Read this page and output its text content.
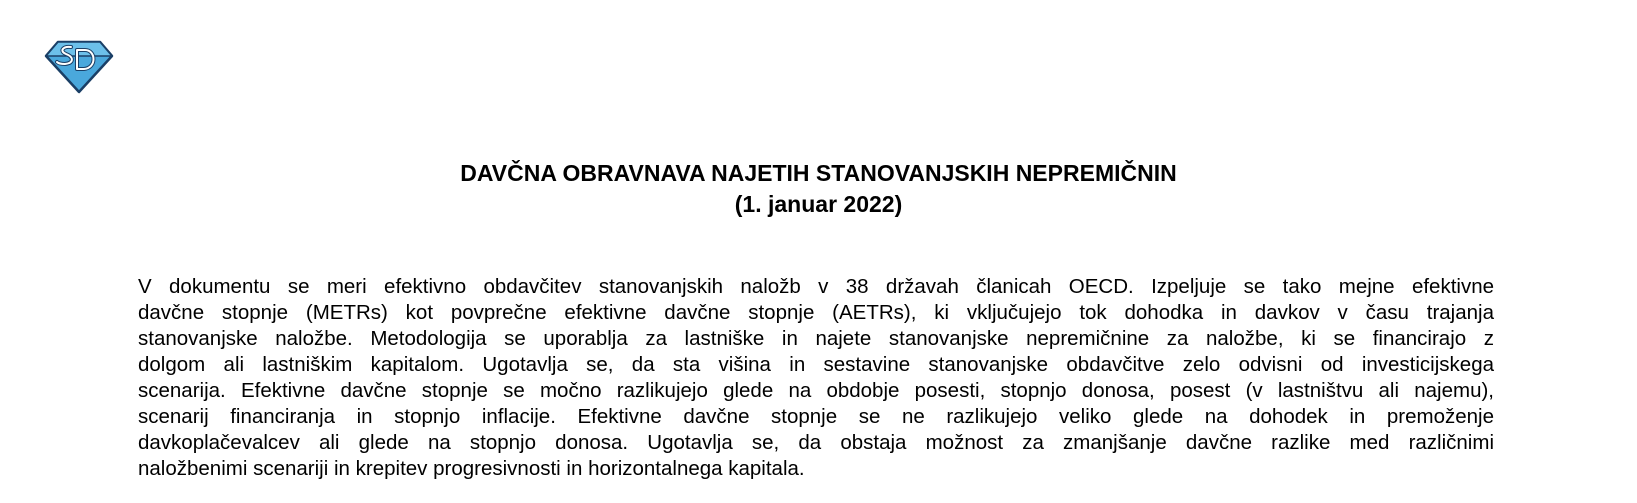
DAVČNA OBRAVNAVA NAJETIH STANOVANJSKIH NEPREMIČNIN
(1. januar 2022)
V dokumentu se meri efektivno obdavčitev stanovanjskih naložb v 38 državah članicah OECD. Izpeljuje se tako mejne efektivne
davčne stopnje (METRs) kot povprečne efektivne davčne stopnje (AETRs), ki vključujejo tok dohodka in davkov v času trajanja
stanovanjske naložbe. Metodologija se uporablja za lastniške in najete stanovanjske nepremičnine za naložbe, ki se financirajo z
dolgom ali lastniškim kapitalom. Ugotavlja se, da sta višina in sestavine stanovanjske obdavčitve zelo odvisni od investicijskega
scenarija. Efektivne davčne stopnje se močno razlikujejo glede na obdobje posesti, stopnjo donosa, posest (v lastništvu ali najemu),
scenarij financiranja in stopnjo inflacije. Efektivne davčne stopnje se ne razlikujejo veliko glede na dohodek in premoženje
davkoplačevalcev ali glede na stopnjo donosa. Ugotavlja se, da obstaja možnost za zmanjšanje davčne razlike med različnimi
naložbenimi scenariji in krepitev progresivnosti in horizontalnega kapitala.
